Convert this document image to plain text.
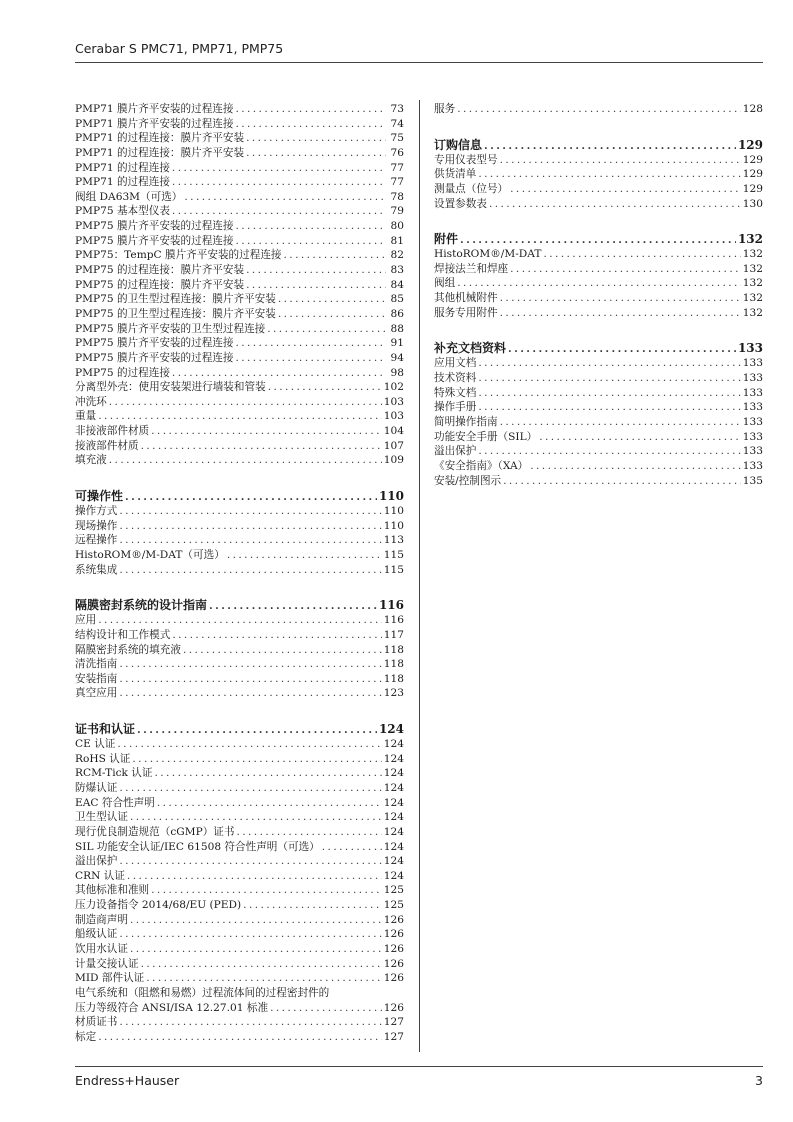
Cerabar S PMC71, PMP71, PMP75
PMP71 膜片齐平安装的过程连接 .....	73
PMP71 膜片齐平安装的过程连接 .....	74
PMP71 的过程连接：膜片齐平安装 .....	75
PMP71 的过程连接：膜片齐平安装 .....	76
PMP71 的过程连接 .....	77
PMP71 的过程连接 .....	77
阀组 DA63M（可选） .....	78
PMP75 基本型仪表 .....	79
PMP75 膜片齐平安装的过程连接 .....	80
PMP75 膜片齐平安装的过程连接 .....	81
PMP75：TempC 膜片齐平安装的过程连接 .....	82
PMP75 的过程连接：膜片齐平安装 .....	83
PMP75 的过程连接：膜片齐平安装 .....	84
PMP75 的卫生型过程连接：膜片齐平安装 .....	85
PMP75 的卫生型过程连接：膜片齐平安装 .....	86
PMP75 膜片齐平安装的卫生型过程连接 .....	88
PMP75 膜片齐平安装的过程连接 .....	91
PMP75 膜片齐平安装的过程连接 .....	94
PMP75 的过程连接 .....	98
分离型外壳：使用安装架进行墙装和管装 .....	102
冲洗环 .....	103
重量 .....	103
非接液部件材质 .....	104
接液部件材质 .....	107
填充液 .....	109
可操作性 .....	110
操作方式 .....	110
现场操作 .....	110
远程操作 .....	113
HistoROM®/M-DAT（可选） .....	115
系统集成 .....	115
隔膜密封系统的设计指南 .....	116
应用 .....	116
结构设计和工作模式 .....	117
隔膜密封系统的填充液 .....	118
清洗指南 .....	118
安装指南 .....	118
真空应用 .....	123
证书和认证 .....	124
CE 认证 .....	124
RoHS 认证 .....	124
RCM-Tick 认证 .....	124
防爆认证 .....	124
EAC 符合性声明 .....	124
卫生型认证 .....	124
现行优良制造规范（cGMP）证书 .....	124
SIL 功能安全认证/IEC 61508 符合性声明（可选） .....	124
溢出保护 .....	124
CRN 认证 .....	124
其他标准和准则 .....	125
压力设备指令 2014/68/EU (PED) .....	125
制造商声明 .....	126
船级认证 .....	126
饮用水认证 .....	126
计量交接认证 .....	126
MID 部件认证 .....	126
电气系统和（阻燃和易燃）过程流体间的过程密封件的
压力等级符合 ANSI/ISA 12.27.01 标准 .....	126
材质证书 .....	127
标定 .....	127
服务 .....	128
订购信息 .....	129
专用仪表型号 .....	129
供货清单 .....	129
测量点（位号） .....	129
设置参数表 .....	130
附件 .....	132
HistoROM®/M-DAT .....	132
焊接法兰和焊座 .....	132
阀组 .....	132
其他机械附件 .....	132
服务专用附件 .....	132
补充文档资料 .....	133
应用文档 .....	133
技术资料 .....	133
特殊文档 .....	133
操作手册 .....	133
简明操作指南 .....	133
功能安全手册（SIL） .....	133
溢出保护 .....	133
《安全指南》（XA） .....	133
安装/控制图示 .....	135
Endress+Hauser	3
